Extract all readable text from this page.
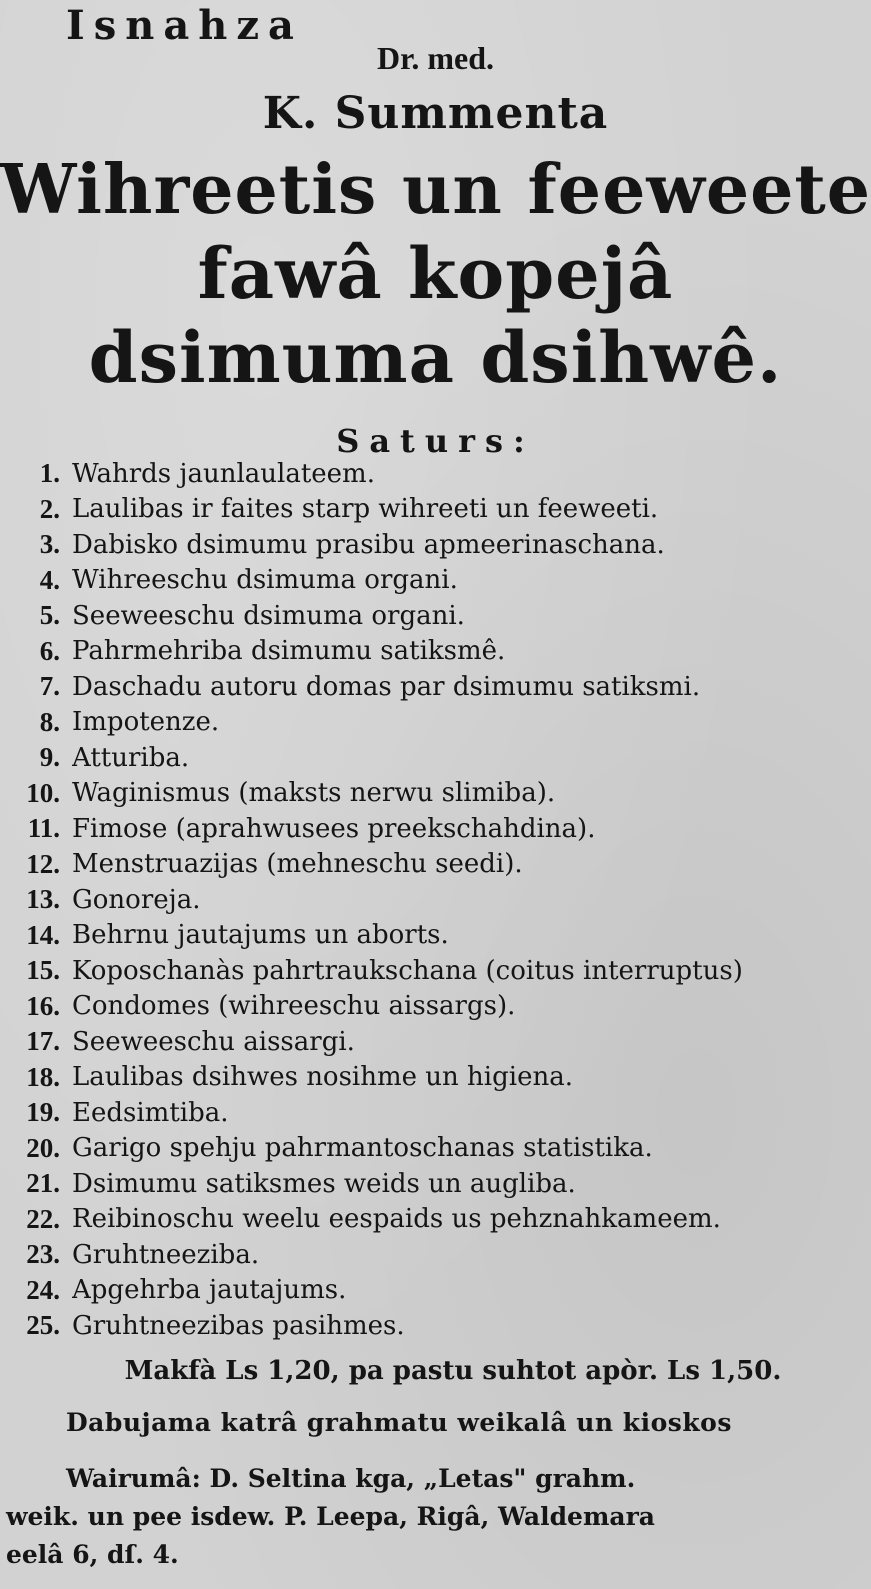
Isnahza
Dr. med.
K. Summenta
Wihreetis un feeweete
fawâ kopejâ
dsimuma dsihwê.
Saturs:
1. Wahrds jaunlaulateem.
2. Laulibas ir faites starp wihreeti un feeweeti.
3. Dabisko dsimumu prasibu apmeerinaschana.
4. Wihreeschu dsimuma organi.
5. Seeweeschu dsimuma organi.
6. Pahrmehriba dsimumu satiksmê.
7. Daschadu autoru domas par dsimumu satiksmi.
8. Impotenze.
9. Atturiba.
10. Waginismus (maksts nerwu slimiba).
11. Fimose (aprahwusees preekschahdina).
12. Menstruazijas (mehneschu seedi).
13. Gonoreja.
14. Behrnu jautajums un aborts.
15. Koposchanàs pahrtraukschana (coitus interruptus)
16. Condomes (wihreeschu aissargs).
17. Seeweeschu aissargi.
18. Laulibas dsihwes nosihme un higiena.
19. Eedsimtiba.
20. Garigo spehju pahrmantoschanas statistika.
21. Dsimumu satiksmes weids un augliba.
22. Reibinoschu weelu eespaids us pehznahkameem.
23. Gruhtneeziba.
24. Apgehrba jautajums.
25. Gruhtneezibas pasihmes.
Makfà Ls 1,20, pa pastu suhtot apòr. Ls 1,50.
Dabujama katrâ grahmatu weikalâ un kioskos
Wairumâ: D. Seltina kga, „Letas" grahm.
weik. un pee isdew. P. Leepa, Rigâ, Waldemara
eelâ 6, dſ. 4.
